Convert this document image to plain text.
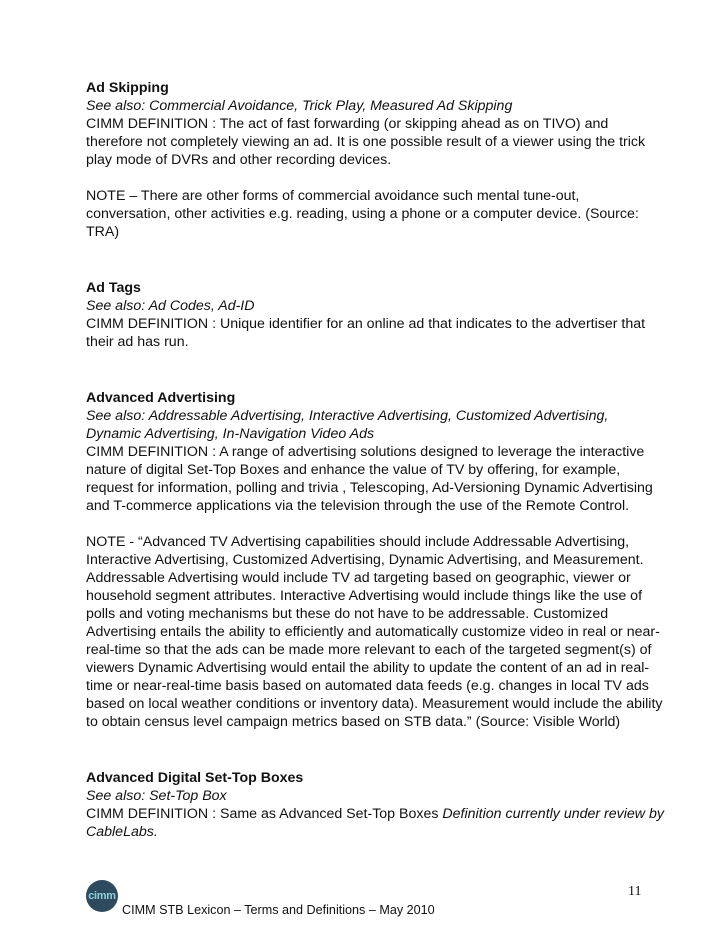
Ad Skipping
See also: Commercial Avoidance, Trick Play, Measured Ad Skipping
CIMM DEFINITION : The act of fast forwarding (or skipping ahead as on TIVO) and therefore not completely viewing an ad. It is one possible result of a viewer using the trick play mode of DVRs and other recording devices.
NOTE – There are other forms of commercial avoidance such mental tune-out, conversation, other activities e.g. reading, using a phone or a computer device. (Source: TRA)
Ad Tags
See also: Ad Codes, Ad-ID
CIMM DEFINITION : Unique identifier for an online ad that indicates to the advertiser that their ad has run.
Advanced Advertising
See also: Addressable Advertising, Interactive Advertising, Customized Advertising, Dynamic Advertising, In-Navigation Video Ads
CIMM DEFINITION : A range of advertising solutions designed to leverage the interactive nature of digital Set-Top Boxes and enhance the value of TV by offering, for example, request for information, polling and trivia , Telescoping, Ad-Versioning Dynamic Advertising and T-commerce applications via the television through the use of the Remote Control.
NOTE - “Advanced TV Advertising capabilities should include Addressable Advertising, Interactive Advertising, Customized Advertising, Dynamic Advertising, and Measurement. Addressable Advertising would include TV ad targeting based on geographic, viewer or household segment attributes. Interactive Advertising would include things like the use of polls and voting mechanisms but these do not have to be addressable. Customized Advertising entails the ability to efficiently and automatically customize video in real or near-real-time so that the ads can be made more relevant to each of the targeted segment(s) of viewers Dynamic Advertising would entail the ability to update the content of an ad in real-time or near-real-time basis based on automated data feeds (e.g. changes in local TV ads based on local weather conditions or inventory data). Measurement would include the ability to obtain census level campaign metrics based on STB data.” (Source: Visible World)
Advanced Digital Set-Top Boxes
See also: Set-Top Box
CIMM DEFINITION : Same as Advanced Set-Top Boxes Definition currently under review by CableLabs.
cimm
CIMM STB Lexicon – Terms and Definitions – May 2010
11
